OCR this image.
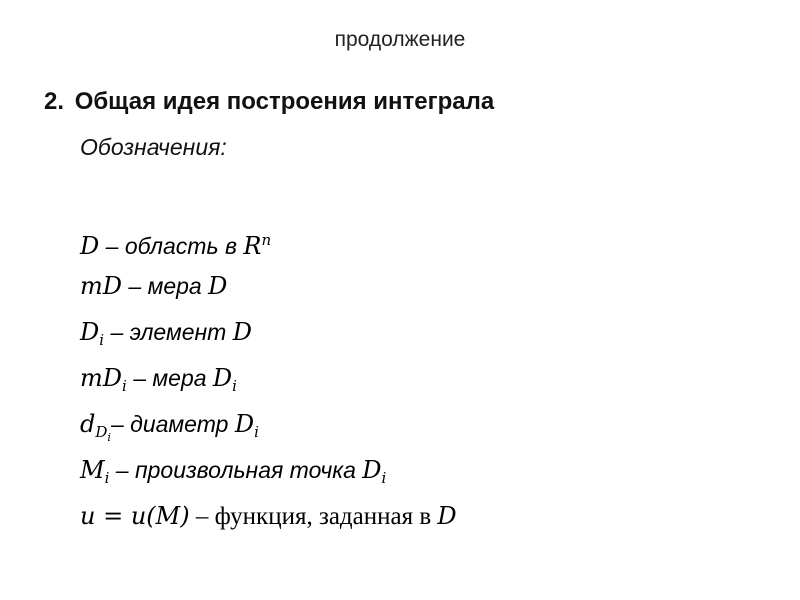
продолжение
2. Общая идея построения интеграла
Обозначения:
D – область в $R^n$
mD – мера D
$D_i$ – элемент D
$mD_i$ – мера $D_i$
$d_{D_i}-$ диаметр $D_i$
$M_i$ – произвольная точка $D_i$
u = u(M) – функция, заданная в D
